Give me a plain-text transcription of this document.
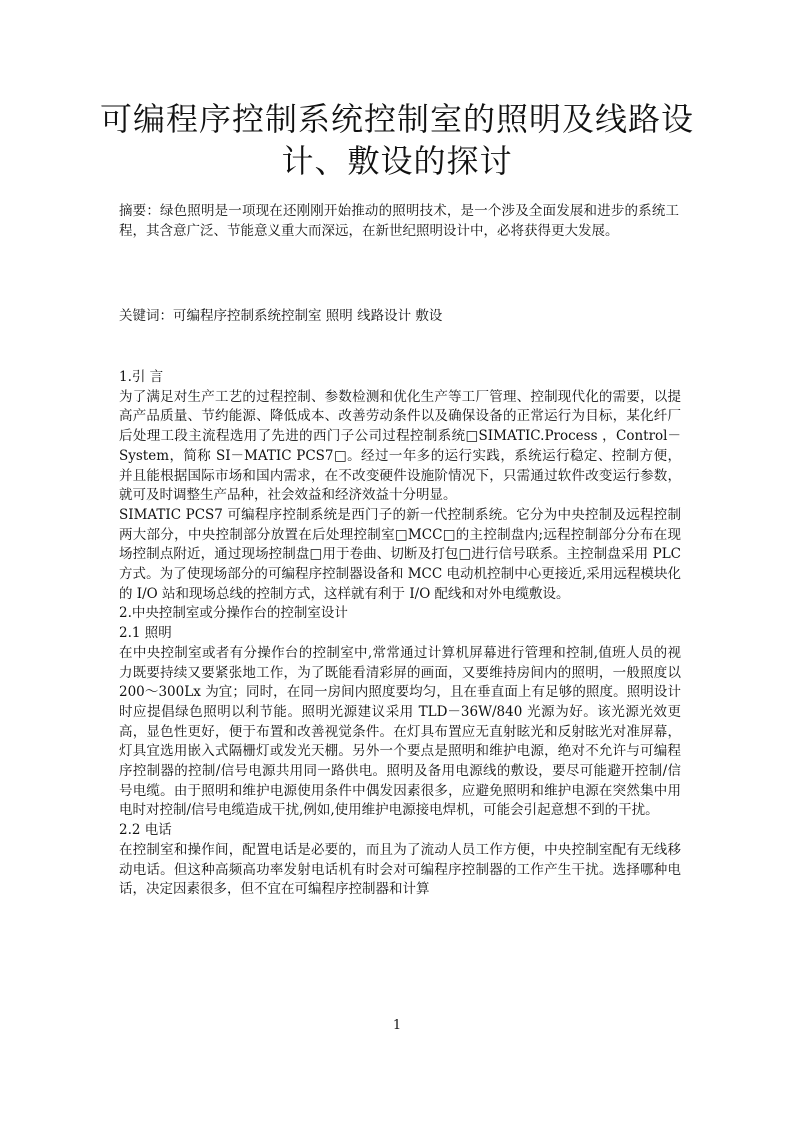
可编程序控制系统控制室的照明及线路设计、敷设的探讨

摘要：绿色照明是一项现在还刚刚开始推动的照明技术，是一个涉及全面发展和进步的系统工程，其含意广泛、节能意义重大而深远，在新世纪照明设计中，必将获得更大发展。

关键词：可编程序控制系统控制室 照明 线路设计 敷设

1.引 言

为了满足对生产工艺的过程控制、参数检测和优化生产等工厂管理、控制现代化的需要，以提高产品质量、节约能源、降低成本、改善劳动条件以及确保设备的正常运行为目标，某化纤厂后处理工段主流程选用了先进的西门子公司过程控制系统□SIMATIC.Process ，Control－System，简称 SI－MATIC PCS7□。经过一年多的运行实践，系统运行稳定、控制方便，并且能根据国际市场和国内需求，在不改变硬件设施阶情况下，只需通过软件改变运行参数，就可及时调整生产品种，社会效益和经济效益十分明显。

SIMATIC PCS7 可编程序控制系统是西门子的新一代控制系统。它分为中央控制及远程控制两大部分，中央控制部分放置在后处理控制室□MCC□的主控制盘内;远程控制部分分布在现场控制点附近，通过现场控制盘□用于卷曲、切断及打包□进行信号联系。主控制盘采用 PLC 方式。为了使现场部分的可编程序控制器设备和 MCC 电动机控制中心更接近,采用远程模块化的 I/O 站和现场总线的控制方式，这样就有利于 I/O 配线和对外电缆敷设。

2.中央控制室或分操作台的控制室设计
2.1 照明

在中央控制室或者有分操作台的控制室中,常常通过计算机屏幕进行管理和控制,值班人员的视力既要持续又要紧张地工作，为了既能看清彩屏的画面，又要维持房间内的照明，一般照度以 200～300Lx 为宜；同时，在同一房间内照度要均匀，且在垂直面上有足够的照度。照明设计时应提倡绿色照明以利节能。照明光源建议采用 TLD－36W/840 光源为好。该光源光效更高，显色性更好，便于布置和改善视觉条件。在灯具布置应无直射眩光和反射眩光对准屏幕，灯具宜选用嵌入式隔栅灯或发光天棚。另外一个要点是照明和维护电源，绝对不允许与可编程序控制器的控制/信号电源共用同一路供电。照明及备用电源线的敷设，要尽可能避开控制/信号电缆。由于照明和维护电源使用条件中偶发因素很多，应避免照明和维护电源在突然集中用电时对控制/信号电缆造成干扰,例如,使用维护电源接电焊机，可能会引起意想不到的干扰。

2.2 电话

在控制室和操作间，配置电话是必要的，而且为了流动人员工作方便，中央控制室配有无线移动电话。但这种高频高功率发射电话机有时会对可编程序控制器的工作产生干扰。选择哪种电话，决定因素很多，但不宜在可编程序控制器和计算

1
